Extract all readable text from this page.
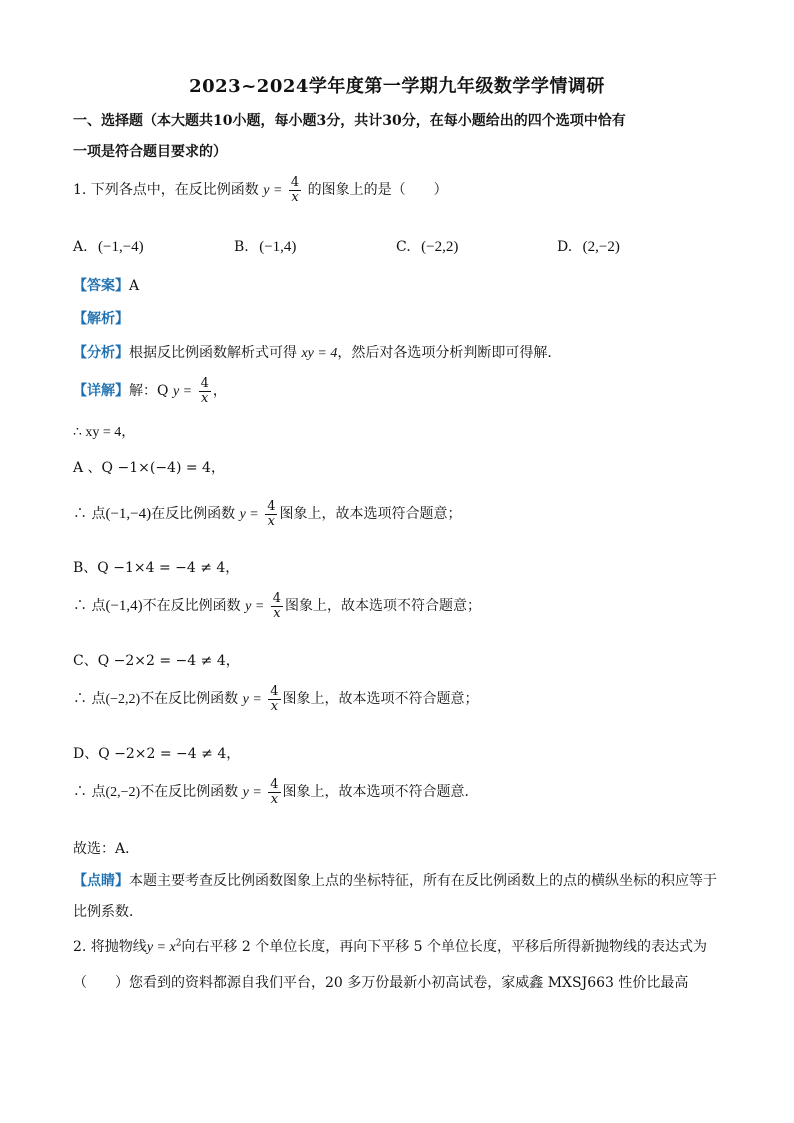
2023~2024学年度第一学期九年级数学学情调研
一、选择题（本大题共10小题，每小题3分，共计30分，在每小题给出的四个选项中恰有
一项是符合题目要求的）
1. 下列各点中，在反比例函数 $y = \frac{4}{x}$ 的图象上的是（　　）
A. (−1,−4)	B. (−1,4)	C. (−2,2)	D. (2,−2)
【答案】A
【解析】
【分析】根据反比例函数解析式可得 xy = 4，然后对各选项分析判断即可得解．
【详解】解：Q $y = \frac{4}{x}$ ，
∴ xy = 4，
A 、Q −1×(−4) = 4，
∴ 点(−1,−4)在反比例函数 $y = \frac{4}{x}$ 图象上，故本选项符合题意；
B、Q −1×4 = −4 ≠ 4，
∴ 点(−1,4)不在反比例函数 $y = \frac{4}{x}$ 图象上，故本选项不符合题意；
C、Q −2×2 = −4 ≠ 4，
∴ 点(−2,2)不在反比例函数 $y = \frac{4}{x}$ 图象上，故本选项不符合题意；
D、Q −2×2 = −4 ≠ 4，
∴ 点(2,−2)不在反比例函数 $y = \frac{4}{x}$ 图象上，故本选项不符合题意．
故选：A．
【点睛】本题主要考查反比例函数图象上点的坐标特征，所有在反比例函数上的点的横纵坐标的积应等于
比例系数．
2. 将抛物线$y = x^2$向右平移 2 个单位长度，再向下平移 5 个单位长度，平移后所得新抛物线的表达式为
（　　）您看到的资料都源自我们平台，20 多万份最新小初高试卷，家威鑫 MXSJ663 性价比最高
